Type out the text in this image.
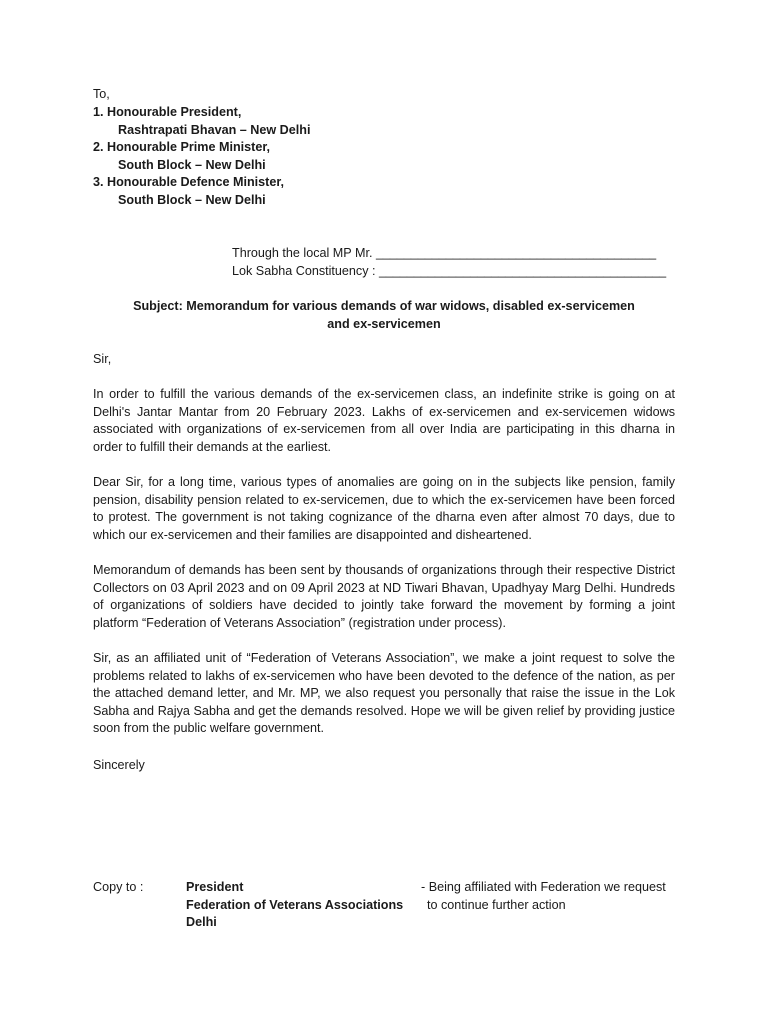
To,
1. Honourable President,
Rashtrapati Bhavan – New Delhi
2. Honourable Prime Minister,
South Block – New Delhi
3. Honourable Defence Minister,
South Block – New Delhi
Through the local MP Mr. ________________________________________
Lok Sabha Constituency : _________________________________________
Subject: Memorandum for various demands of war widows, disabled ex-servicemen
and ex-servicemen
Sir,
In order to fulfill the various demands of the ex-servicemen class, an indefinite strike is going on at Delhi's Jantar Mantar from 20 February 2023. Lakhs of ex-servicemen and ex-servicemen widows associated with organizations of ex-servicemen from all over India are participating in this dharna in order to fulfill their demands at the earliest.
Dear Sir, for a long time, various types of anomalies are going on in the subjects like pension, family pension, disability pension related to ex-servicemen, due to which the ex-servicemen have been forced to protest. The government is not taking cognizance of the dharna even after almost 70 days, due to which our ex-servicemen and their families are disappointed and disheartened.
Memorandum of demands has been sent by thousands of organizations through their respective District Collectors on 03 April 2023 and on 09 April 2023 at ND Tiwari Bhavan, Upadhyay Marg Delhi. Hundreds of organizations of soldiers have decided to jointly take forward the movement by forming a joint platform “Federation of Veterans Association” (registration under process).
Sir, as an affiliated unit of “Federation of Veterans Association”, we make a joint request to solve the problems related to lakhs of ex-servicemen who have been devoted to the defence of the nation, as per the attached demand letter, and Mr. MP, we also request you personally that raise the issue in the Lok Sabha and Rajya Sabha and get the demands resolved. Hope we will be given relief by providing justice soon from the public welfare government.
Sincerely
Copy to :	President
Federation of Veterans Associations
Delhi
- Being affiliated with Federation we request
to continue further action
